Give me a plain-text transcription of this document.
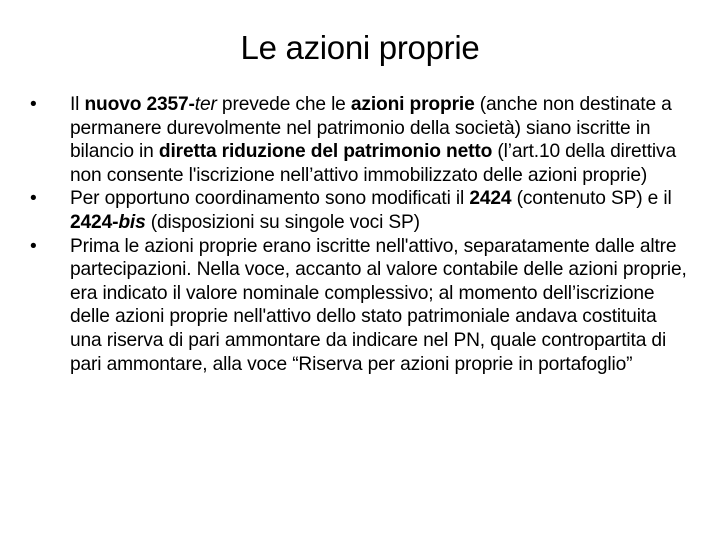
Le azioni proprie
•	Il nuovo 2357-ter prevede che le azioni proprie (anche non destinate a permanere durevolmente nel patrimonio della società) siano iscritte in bilancio in diretta riduzione del patrimonio netto (l’art.10 della direttiva non consente l'iscrizione nell’attivo immobilizzato delle azioni proprie)
•	Per opportuno coordinamento sono modificati il 2424 (contenuto SP) e il 2424-bis (disposizioni su singole voci SP)
•	Prima le azioni proprie erano iscritte nell'attivo, separatamente dalle altre partecipazioni. Nella voce, accanto al valore contabile delle azioni proprie, era indicato il valore nominale complessivo; al momento dell’iscrizione delle azioni proprie nell'attivo dello stato patrimoniale andava costituita una riserva di pari ammontare da indicare nel PN, quale contropartita di pari ammontare, alla voce “Riserva per azioni proprie in portafoglio”
